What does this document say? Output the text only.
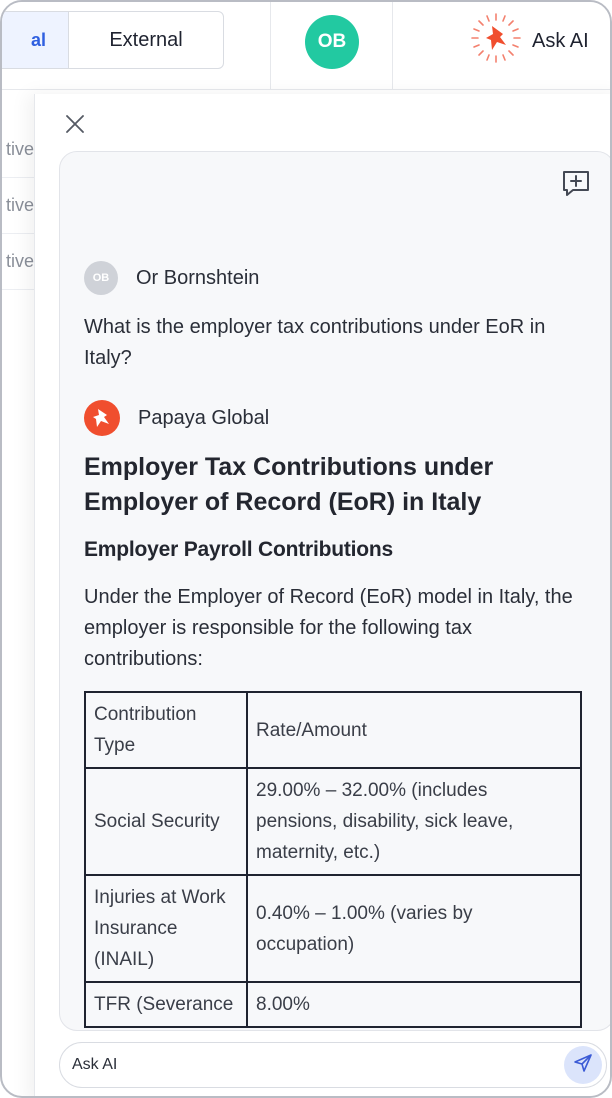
al	External	OB	Ask AI
tive
tive
tive
OB	Or Bornshtein
What is the employer tax contributions under EoR in Italy?
Papaya Global
Employer Tax Contributions under Employer of Record (EoR) in Italy
Employer Payroll Contributions
Under the Employer of Record (EoR) model in Italy, the employer is responsible for the following tax contributions:
Contribution Type	Rate/Amount
Social Security	29.00% – 32.00% (includes pensions, disability, sick leave, maternity, etc.)
Injuries at Work Insurance (INAIL)	0.40% – 1.00% (varies by occupation)
TFR (Severance	8.00%
Ask AI
